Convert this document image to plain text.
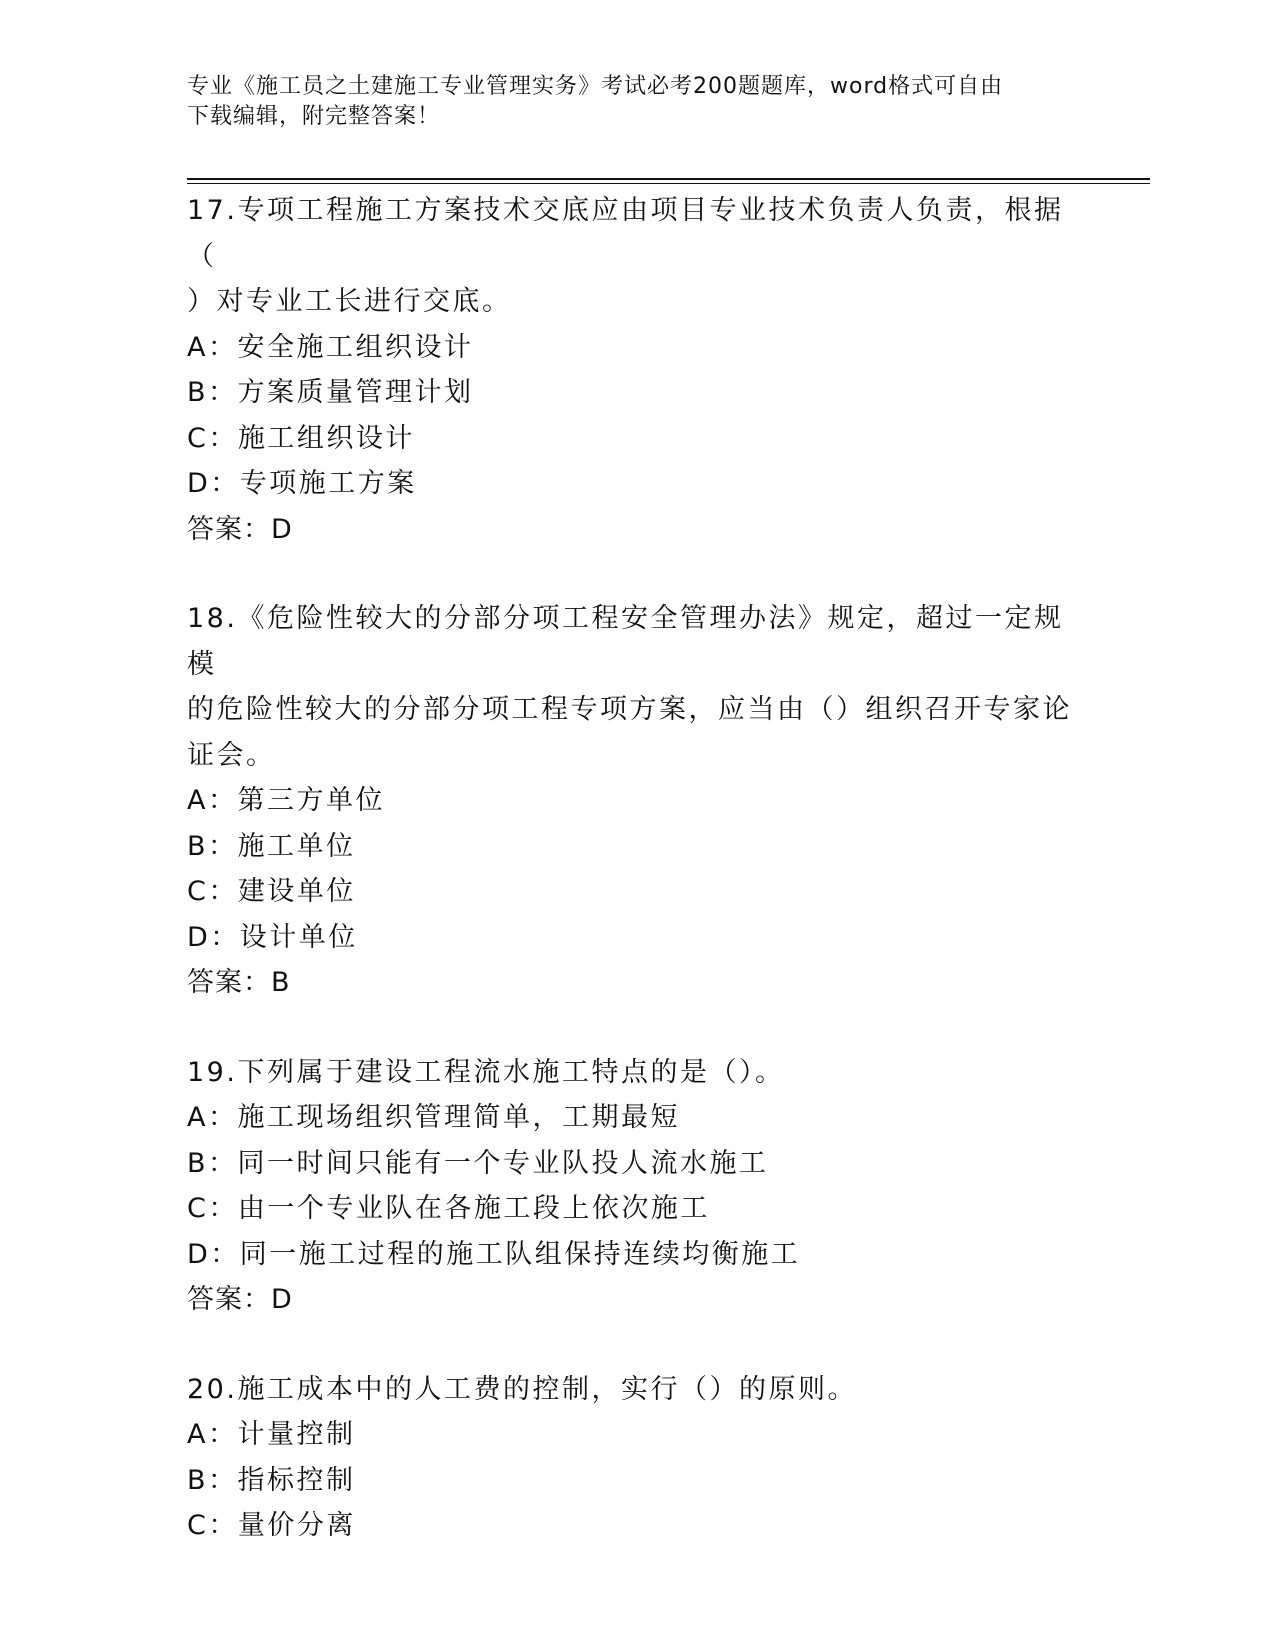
专业《施工员之土建施工专业管理实务》考试必考200题题库，word格式可自由
下载编辑，附完整答案！
17.专项工程施工方案技术交底应由项目专业技术负责人负责，根据（
）对专业工长进行交底。
A：安全施工组织设计
B：方案质量管理计划
C：施工组织设计
D：专项施工方案
答案：D
18.《危险性较大的分部分项工程安全管理办法》规定，超过一定规模
的危险性较大的分部分项工程专项方案，应当由（）组织召开专家论
证会。
A：第三方单位
B：施工单位
C：建设单位
D：设计单位
答案：B
19.下列属于建设工程流水施工特点的是（）。
A：施工现场组织管理简单，工期最短
B：同一时间只能有一个专业队投人流水施工
C：由一个专业队在各施工段上依次施工
D：同一施工过程的施工队组保持连续均衡施工
答案：D
20.施工成本中的人工费的控制，实行（）的原则。
A：计量控制
B：指标控制
C：量价分离
